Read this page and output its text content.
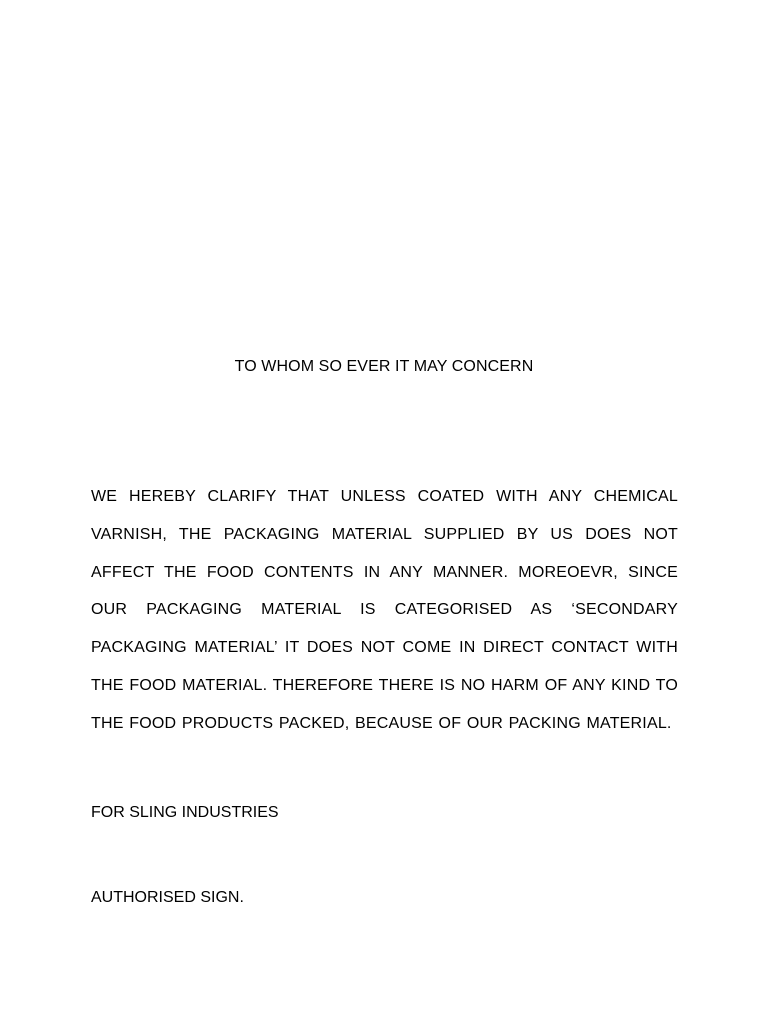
TO WHOM SO EVER IT MAY CONCERN

WE HEREBY CLARIFY THAT UNLESS COATED WITH ANY CHEMICAL VARNISH, THE PACKAGING MATERIAL SUPPLIED BY US DOES NOT AFFECT THE FOOD CONTENTS IN ANY MANNER. MOREOEVR, SINCE OUR PACKAGING MATERIAL IS CATEGORISED AS ‘SECONDARY PACKAGING MATERIAL’ IT DOES NOT COME IN DIRECT CONTACT WITH THE FOOD MATERIAL. THEREFORE THERE IS NO HARM OF ANY KIND TO THE FOOD PRODUCTS PACKED, BECAUSE OF OUR PACKING MATERIAL.

FOR SLING INDUSTRIES
AUTHORISED SIGN.
